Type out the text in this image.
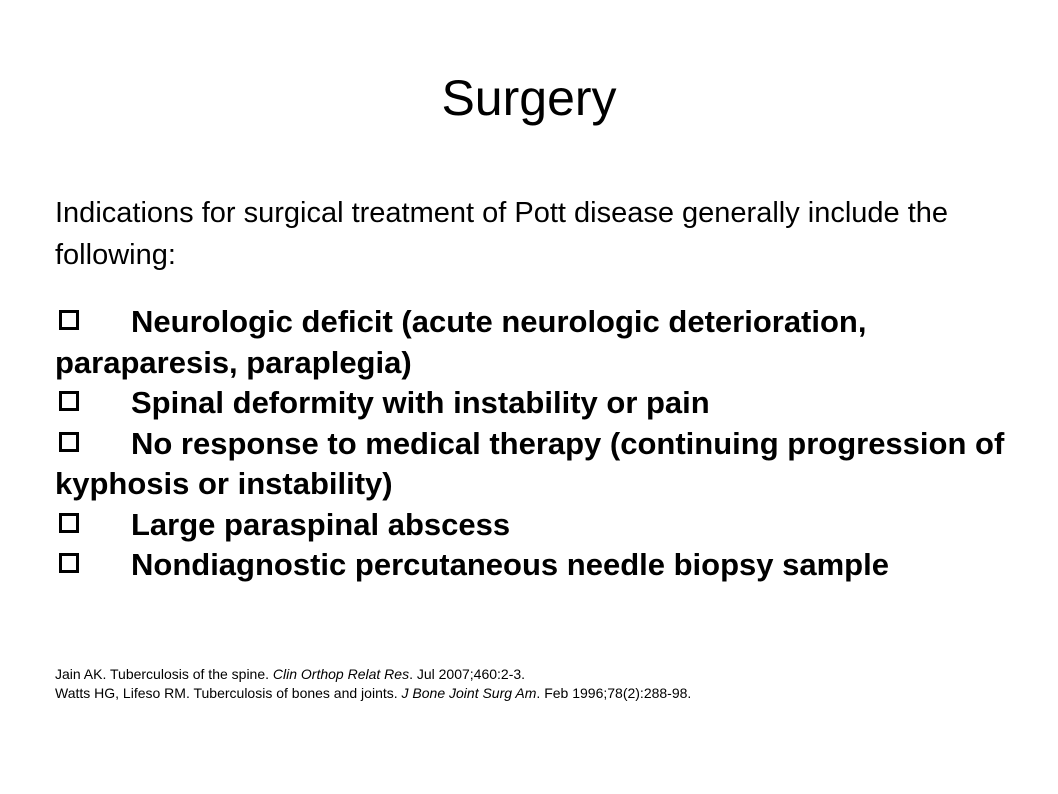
Surgery

Indications for surgical treatment of Pott disease generally include the following:

Neurologic deficit (acute neurologic deterioration, paraparesis, paraplegia)
Spinal deformity with instability or pain
No response to medical therapy (continuing progression of kyphosis or instability)
Large paraspinal abscess
Nondiagnostic percutaneous needle biopsy sample
Jain AK. Tuberculosis of the spine. Clin Orthop Relat Res. Jul 2007;460:2-3.
Watts HG, Lifeso RM. Tuberculosis of bones and joints. J Bone Joint Surg Am. Feb 1996;78(2):288-98.
